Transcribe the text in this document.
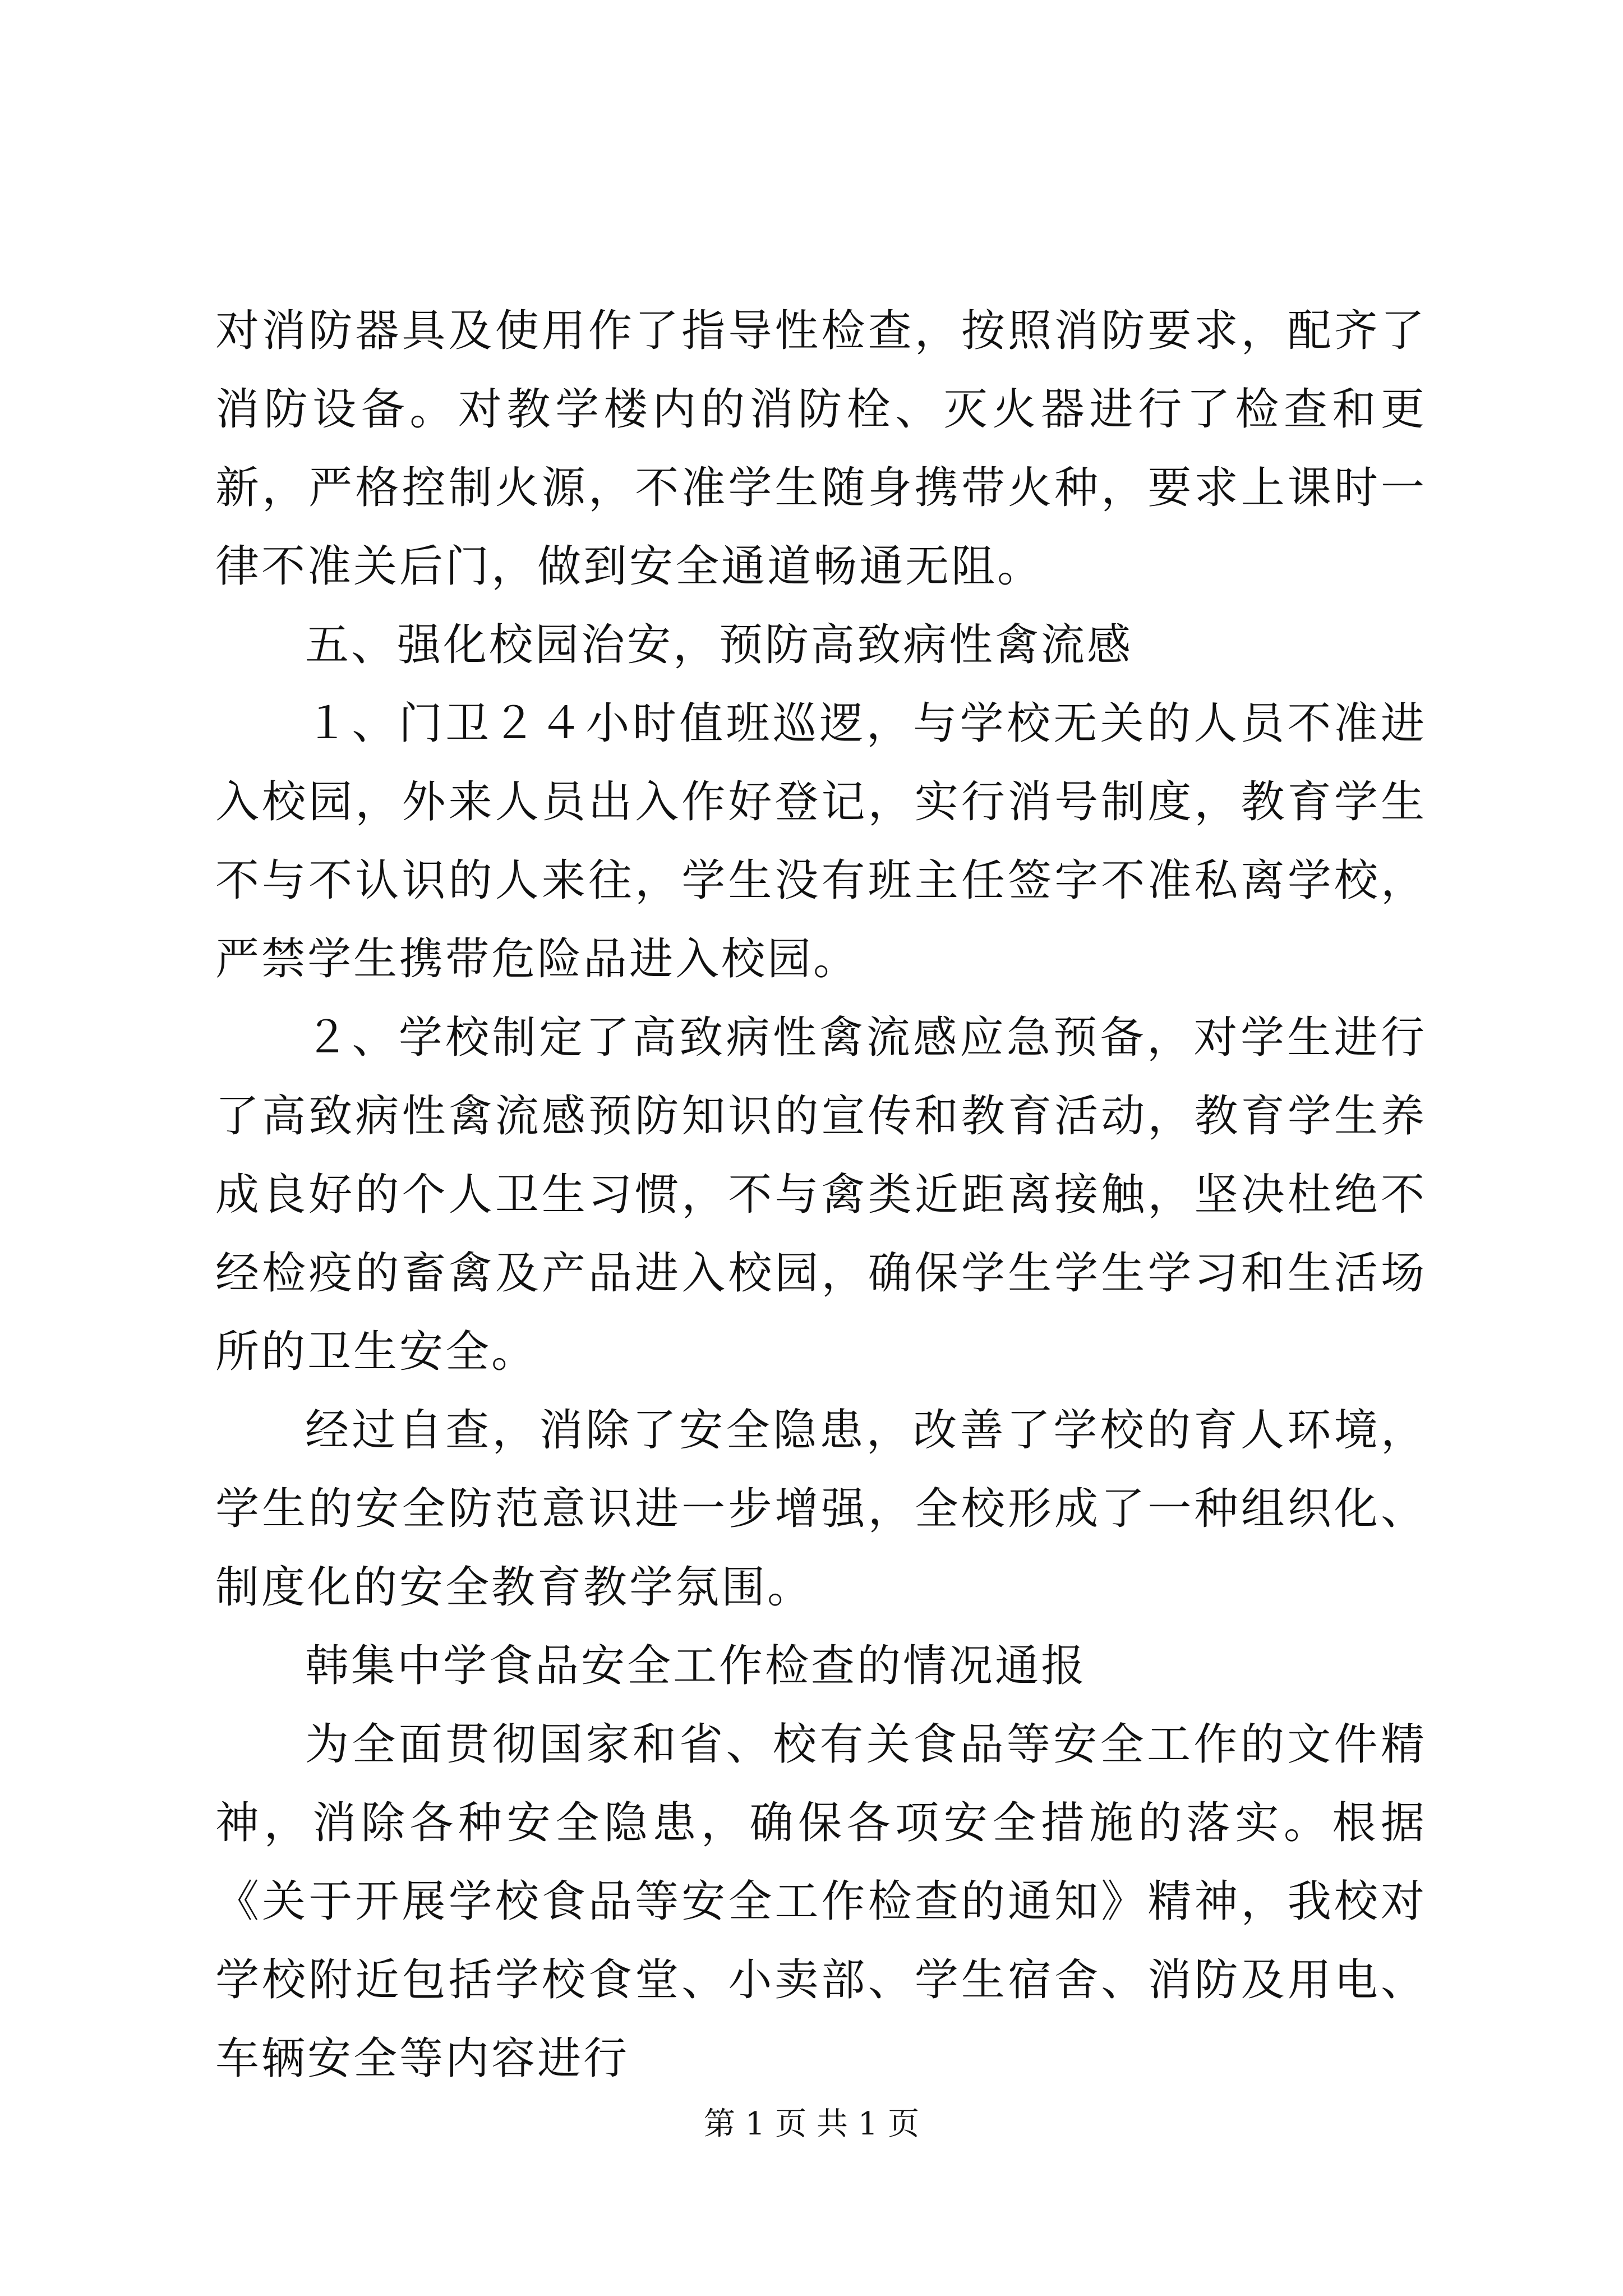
对消防器具及使用作了指导性检查，按照消防要求，配齐了消防设备。对教学楼内的消防栓、灭火器进行了检查和更新，严格控制火源，不准学生随身携带火种，要求上课时一律不准关后门，做到安全通道畅通无阻。

五、强化校园治安，预防高致病性禽流感

１、门卫２４小时值班巡逻，与学校无关的人员不准进入校园，外来人员出入作好登记，实行消号制度，教育学生不与不认识的人来往，学生没有班主任签字不准私离学校，严禁学生携带危险品进入校园。

２、学校制定了高致病性禽流感应急预备，对学生进行了高致病性禽流感预防知识的宣传和教育活动，教育学生养成良好的个人卫生习惯，不与禽类近距离接触，坚决杜绝不经检疫的畜禽及产品进入校园，确保学生学生学习和生活场所的卫生安全。

经过自查，消除了安全隐患，改善了学校的育人环境，学生的安全防范意识进一步增强，全校形成了一种组织化、制度化的安全教育教学氛围。

韩集中学食品安全工作检查的情况通报

为全面贯彻国家和省、校有关食品等安全工作的文件精神，消除各种安全隐患，确保各项安全措施的落实。根据《关于开展学校食品等安全工作检查的通知》精神，我校对学校附近包括学校食堂、小卖部、学生宿舍、消防及用电、车辆安全等内容进行

第 1 页 共 1 页
